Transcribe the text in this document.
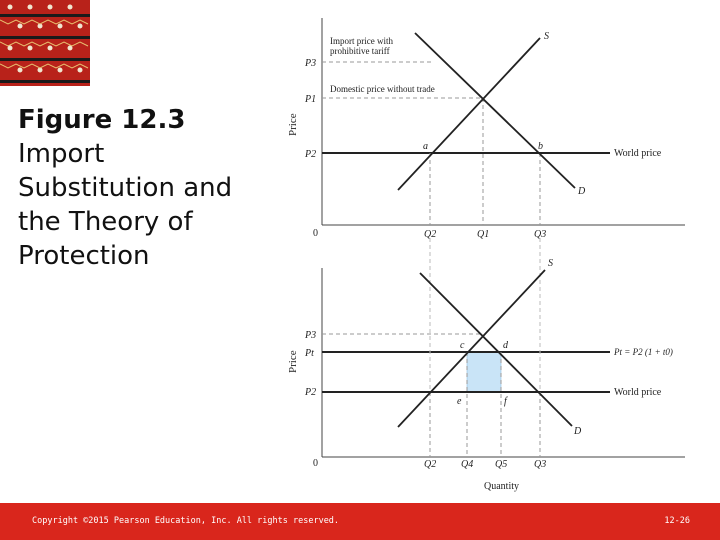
Figure 12.3
Import Substitution and the Theory of Protection
Price
0
P3
P1
P2
Q2	Q1	Q3
S
D
World price
a	b
Import price with
prohibitive tariff
Domestic price without trade
Price
Quantity
0
P3
Pt
P2
Q2 Q4 Q5	Q3
S
D
Pt = P2 (1 + t0)
World price
c	d
e	f
Copyright ©2015 Pearson Education, Inc. All rights reserved.	12-26
